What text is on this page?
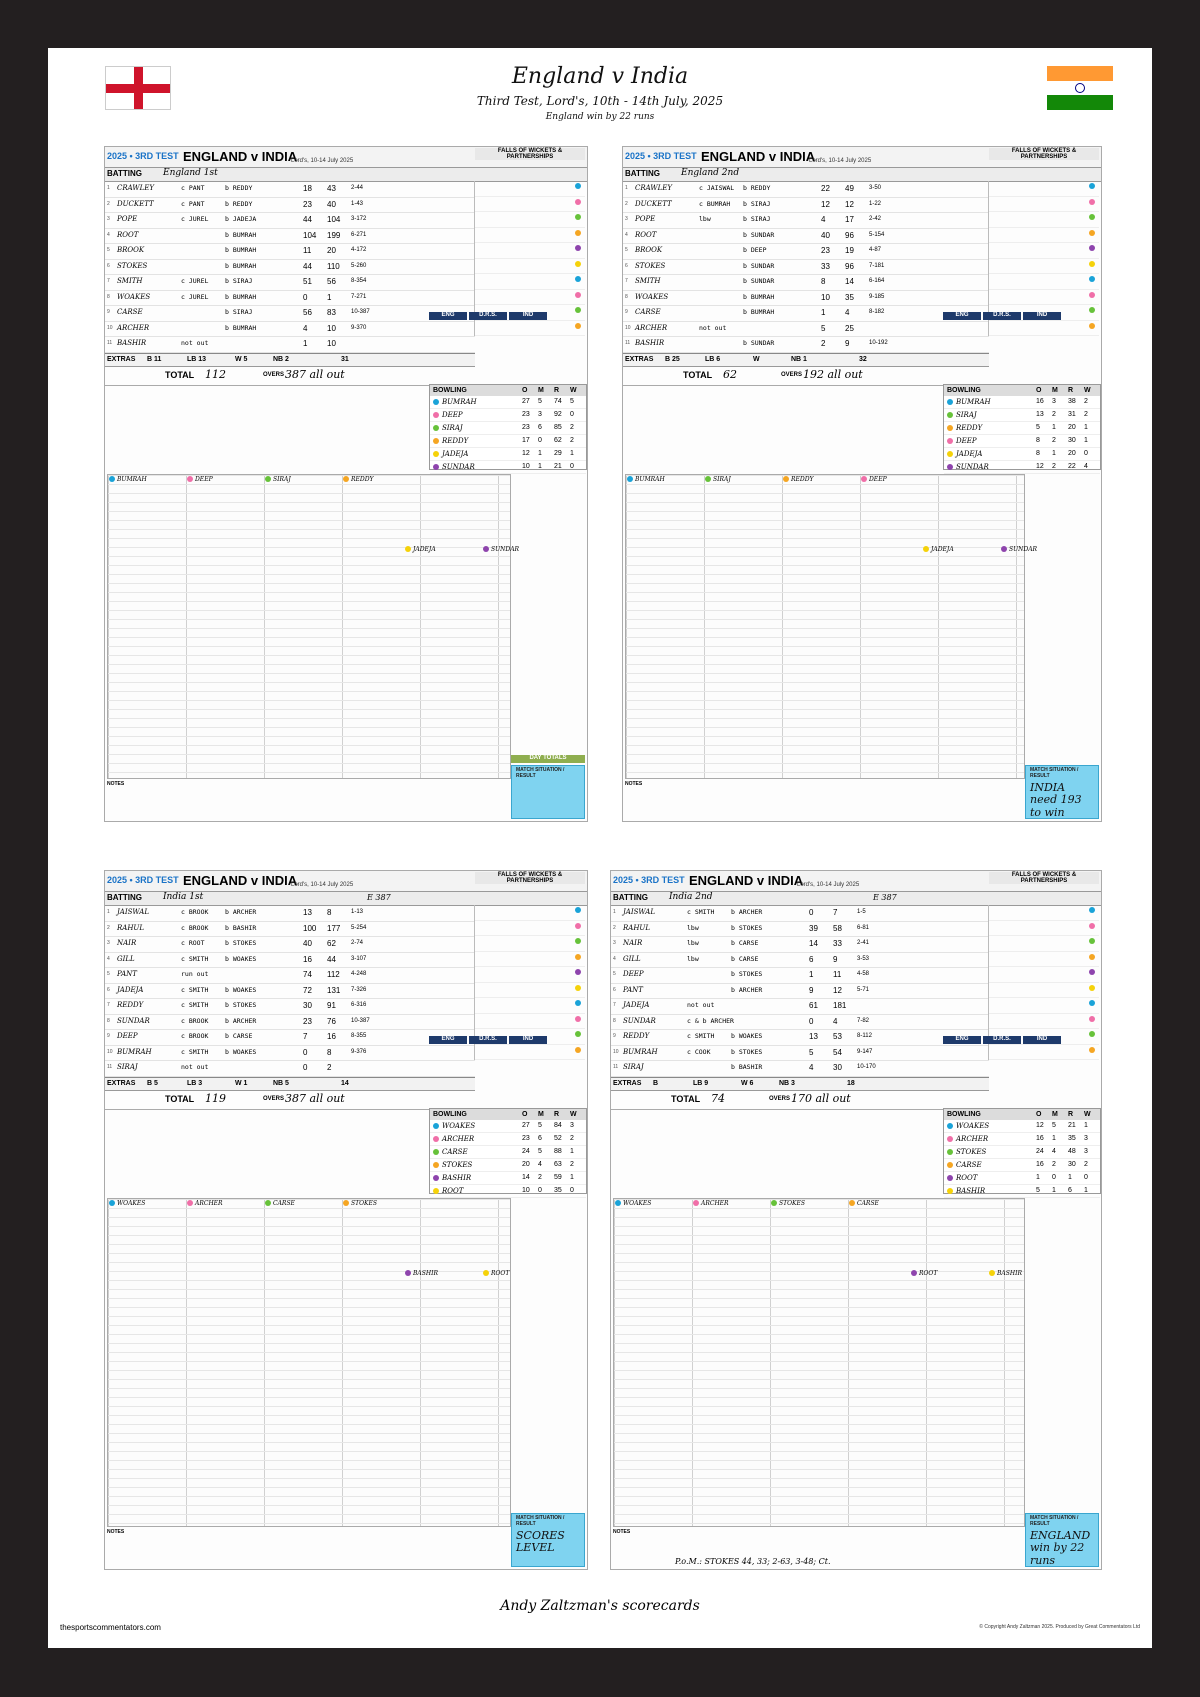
England v India
Third Test, Lord's, 10th - 14th July, 2025
England win by 22 runs
2025 • 3RD TEST ENGLAND v INDIA
Lord's, 10-14 July 2025
FALLS OF WICKETS & PARTNERSHIPS
BATTING England 1st
1 CRAWLEY	c PANT	b REDDY	18 43	2-44
2 DUCKETT	c PANT	b REDDY	23 40	1-43
3 POPE	c JUREL	b JADEJA	44 104 3-172
4 ROOT	b BUMRAH	104 199 6-271
5 BROOK	b BUMRAH	11 20	4-172
6 STOKES	b BUMRAH	44 110 5-260
7 SMITH	c JUREL	b SIRAJ	51 56	8-354
8 WOAKES	c JUREL	b BUMRAH	0 1	7-271
9 CARSE	b SIRAJ	56 83	10-387
10 ARCHER	b BUMRAH	4 10	9-370
11 BASHIR	not out	1 10
ENG	D.R.S.	IND
EXTRAS B 11	LB 13	W 5	NB 2	31
TOTAL 112	OVERS 387 all out
BOWLING	O M R W
BUMRAH	27 5 74 5
DEEP	23 3 92 0
SIRAJ	23 6 85 2
REDDY	17 0 62 2
JADEJA	12 1 29 1
SUNDAR	10 1 21 0
BUMRAH	DEEP	SIRAJ	REDDY
JADEJA	SUNDAR
NOTES
MATCH SITUATION / RESULT
DAY TOTALS
2025 • 3RD TEST ENGLAND v INDIA
Lord's, 10-14 July 2025
FALLS OF WICKETS & PARTNERSHIPS
BATTING England 2nd
1 CRAWLEY	c JAISWAL b REDDY	22 49	3-50
2 DUCKETT	c BUMRAH b SIRAJ	12 12	1-22
3 POPE	lbw	b SIRAJ	4 17	2-42
4 ROOT	b SUNDAR	40 96	5-154
5 BROOK	b DEEP	23 19	4-87
6 STOKES	b SUNDAR	33 96	7-181
7 SMITH	b SUNDAR	8 14	6-164
8 WOAKES	b BUMRAH	10 35	9-185
9 CARSE	b BUMRAH	1 4	8-182
10 ARCHER	not out	5 25
11 BASHIR	b SUNDAR	2 9	10-192
ENG	D.R.S.	IND
EXTRAS B 25	LB 6	W	NB 1	32
TOTAL 62	OVERS 192 all out
BOWLING	O M R W
BUMRAH	16 3 38 2
SIRAJ	13 2 31 2
REDDY	5 1 20 1
DEEP	8 2 30 1
JADEJA	8 1 20 0
SUNDAR	12 2 22 4
BUMRAH	SIRAJ	REDDY	DEEP
JADEJA	SUNDAR
NOTES
MATCH SITUATION / RESULT
INDIA need 193 to win
2025 • 3RD TEST ENGLAND v INDIA
Lord's, 10-14 July 2025
FALLS OF WICKETS & PARTNERSHIPS
BATTING India 1st	E 387
1 JAISWAL	c BROOK	b ARCHER	13 8	1-13
2 RAHUL	c BROOK	b BASHIR	100 177 5-254
3 NAIR	c ROOT	b STOKES	40 62	2-74
4 GILL	c SMITH	b WOAKES	16 44	3-107
5 PANT	run out	74 112 4-248
6 JADEJA	c SMITH	b WOAKES	72 131 7-326
7 REDDY	c SMITH	b STOKES	30 91	6-316
8 SUNDAR	c BROOK	b ARCHER	23 76	10-387
9 DEEP	c BROOK	b CARSE	7 16	8-355
10 BUMRAH	c SMITH	b WOAKES	0 8	9-376
11 SIRAJ	not out	0 2
ENG	D.R.S.	IND
EXTRAS B 5	LB 3	W 1	NB 5	14
TOTAL 119	OVERS 387 all out
BOWLING	O M R W
WOAKES	27 5 84 3
ARCHER	23 6 52 2
CARSE	24 5 88 1
STOKES	20 4 63 2
BASHIR	14 2 59 1
ROOT	10 0 35 0
WOAKES	ARCHER	CARSE	STOKES
BASHIR	ROOT
NOTES
MATCH SITUATION / RESULT
SCORES LEVEL
2025 • 3RD TEST ENGLAND v INDIA
Lord's, 10-14 July 2025
FALLS OF WICKETS & PARTNERSHIPS
BATTING India 2nd	E 387
1 JAISWAL	c SMITH	b ARCHER	0 7	1-5
2 RAHUL	lbw	b STOKES	39 58	6-81
3 NAIR	lbw	b CARSE	14 33	2-41
4 GILL	lbw	b CARSE	6 9	3-53
5 DEEP	b STOKES	1 11	4-58
6 PANT	b ARCHER	9 12	5-71
7 JADEJA	not out	61 181
8 SUNDAR	c & b ARCHER	0 4	7-82
9 REDDY	c SMITH	b WOAKES	13 53	8-112
10 BUMRAH	c COOK	b STOKES	5 54	9-147
11 SIRAJ	b BASHIR	4 30	10-170
ENG	D.R.S.	IND
EXTRAS B	LB 9	W 6	NB 3	18
TOTAL 74	OVERS 170 all out
BOWLING	O M R W
WOAKES	12 5 21 1
ARCHER	16 1 35 3
STOKES	24 4 48 3
CARSE	16 2 30 2
ROOT	1 0 1 0
BASHIR	5 1 6 1
WOAKES	ARCHER	STOKES	CARSE
ROOT	BASHIR
NOTES
MATCH SITUATION / RESULT
ENGLAND win by 22 runs
P.o.M.: STOKES 44, 33; 2-63, 3-48; Ct.
Andy Zaltzman's scorecards
thesportscommentators.com	© Copyright Andy Zaltzman 2025. Produced by Great Commentators Ltd
